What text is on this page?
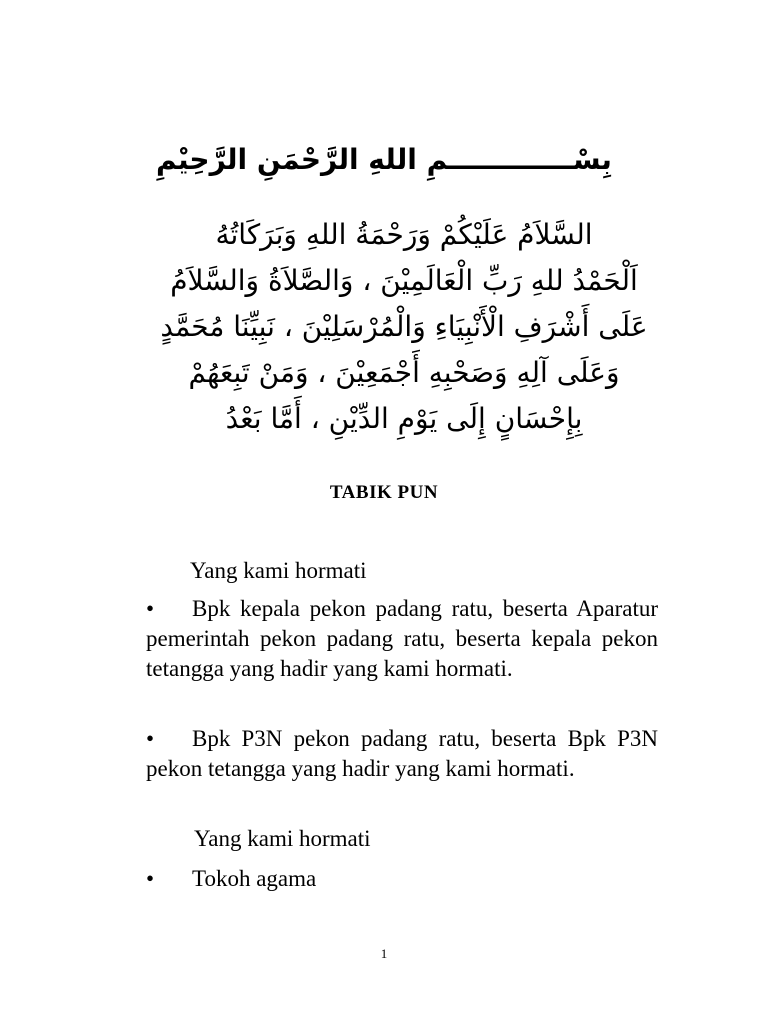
بِسْـــــــــــــمِ اللهِ الرَّحْمَنِ الرَّحِيْمِ
السَّلاَمُ عَلَيْكُمْ وَرَحْمَةُ اللهِ وَبَرَكَاتُهُ
اَلْحَمْدُ للهِ رَبِّ الْعَالَمِيْنَ ، وَالصَّلاَةُ وَالسَّلاَمُ
عَلَى أَشْرَفِ الْأَنْبِيَاءِ وَالْمُرْسَلِيْنَ ، نَبِيِّنَا مُحَمَّدٍ
وَعَلَى آلِهِ وَصَحْبِهِ أَجْمَعِيْنَ ، وَمَنْ تَبِعَهُمْ
بِإِحْسَانٍ إِلَى يَوْمِ الدِّيْنِ ، أَمَّا بَعْدُ
TABIK PUN
Yang kami hormati
• Bpk kepala pekon padang ratu, beserta Aparatur pemerintah pekon padang ratu, beserta kepala pekon tetangga yang hadir yang kami hormati.
• Bpk P3N pekon padang ratu, beserta Bpk P3N pekon tetangga yang hadir yang kami hormati.
Yang kami hormati
• Tokoh agama
1
